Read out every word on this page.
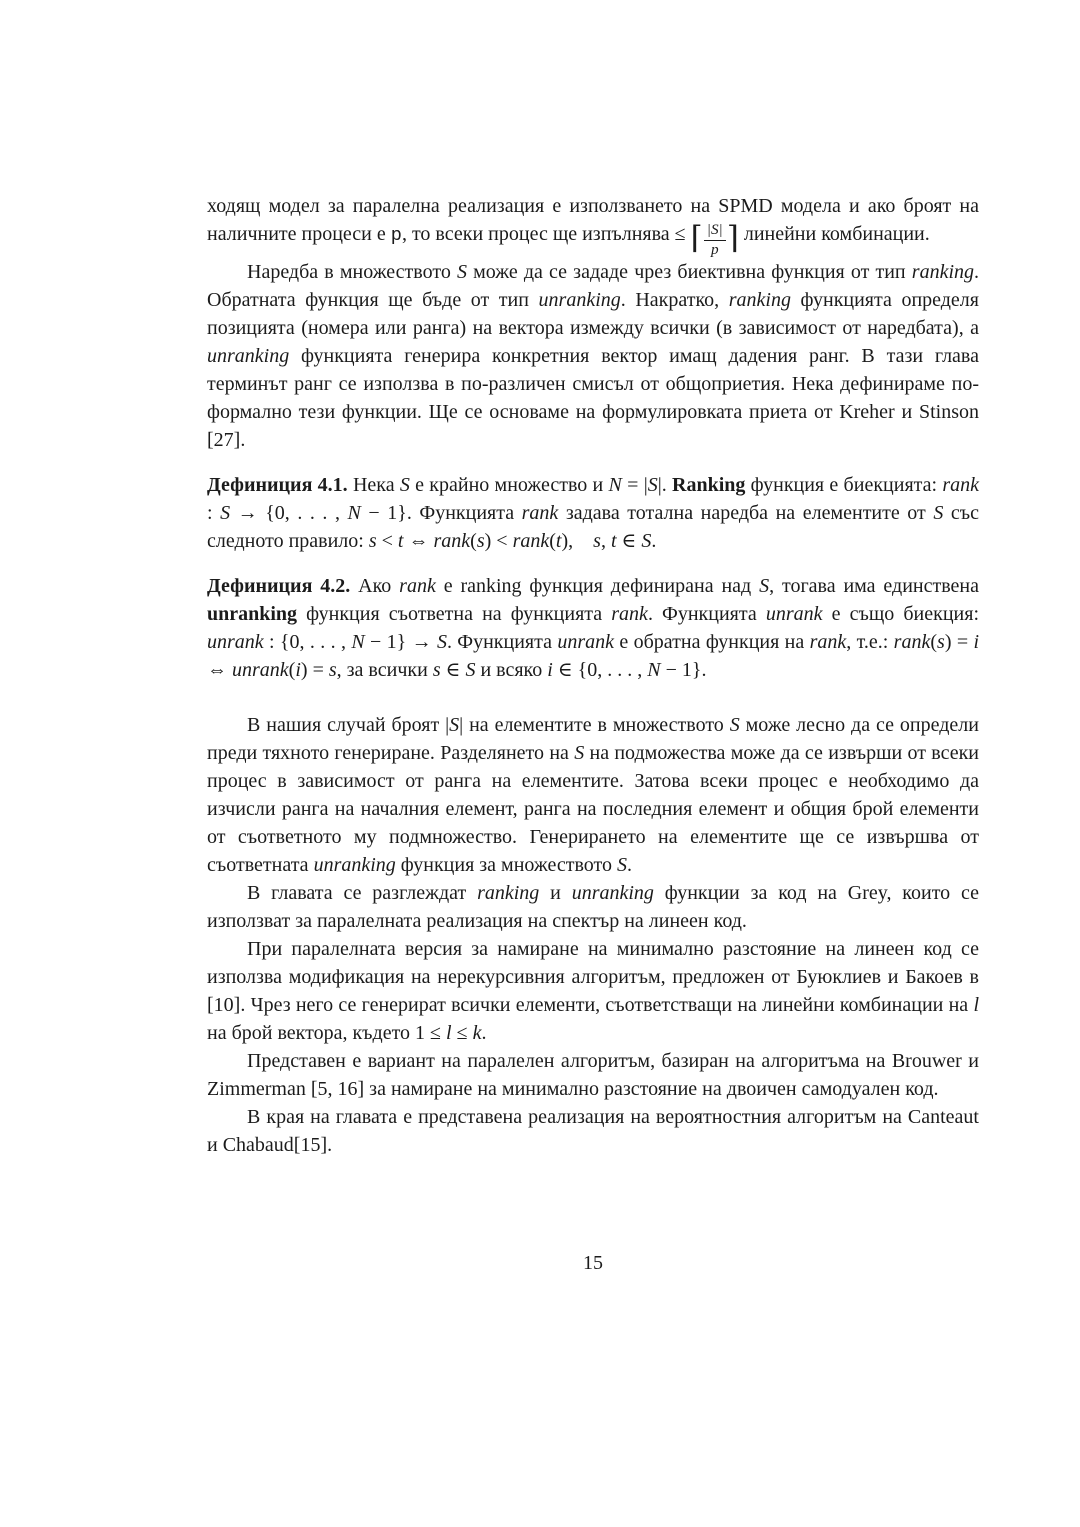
ходящ модел за паралелна реализация е използването на SPMD модела и ако броят на наличните процеси е p, то всеки процес ще изпълнява ≤ ⌈ $\frac{|S|}{p}$ ⌉ линейни комбинации.

Наредба в множеството S може да се зададе чрез биективна функция от тип ranking. Обратната функция ще бъде от тип unranking. Накратко, ranking функцията определя позицията (номера или ранга) на вектора измежду всички (в зависимост от наредбата), а unranking функцията генерира конкретния вектор имащ дадения ранг. В тази глава терминът ранг се използва в по-различен смисъл от общоприетия. Нека дефинираме по-формално тези функции. Ще се основаме на формулировката приета от Kreher и Stinson [27].

Дефиниция 4.1. Нека S е крайно множество и N = |S|. Ranking функция е биекцията: rank : S → {0, . . . , N − 1}. Функцията rank задава тотална наредба на елементите от S със следното правило: s < t ⇔ rank(s) < rank(t),  s, t ∈ S.

Дефиниция 4.2. Ако rank е ranking функция дефинирана над S, тогава има единствена unranking функция съответна на функцията rank. Функцията unrank е също биекция: unrank : {0, . . . , N − 1} → S. Функцията unrank е обратна функция на rank, т.е.: rank(s) = i ⇔ unrank(i) = s, за всички s ∈ S и всяко i ∈ {0, . . . , N − 1}.

В нашия случай броят |S| на елементите в множеството S може лесно да се определи преди тяхното генериране. Разделянето на S на подможества може да се извърши от всеки процес в зависимост от ранга на елементите. Затова всеки процес е необходимо да изчисли ранга на началния елемент, ранга на последния елемент и общия брой елементи от съответното му подмножество. Генерирането на елементите ще се извършва от съответната unranking функция за множеството S.

В главата се разглеждат ranking и unranking функции за код на Grey, които се използват за паралелната реализация на спектър на линеен код.

При паралелната версия за намиране на минимално разстояние на линеен код се използва модификация на нерекурсивния алгоритъм, предложен от Буюклиев и Бакоев в [10]. Чрез него се генерират всички елементи, съответстващи на линейни комбинации на l на брой вектора, където 1 ≤ l ≤ k.

Представен е вариант на паралелен алгоритъм, базиран на алгоритъма на Brouwer и Zimmerman [5, 16] за намиране на минимално разстояние на двоичен самодуален код.

В края на главата е представена реализация на вероятностния алгоритъм на Canteaut и Chabaud[15].

15
